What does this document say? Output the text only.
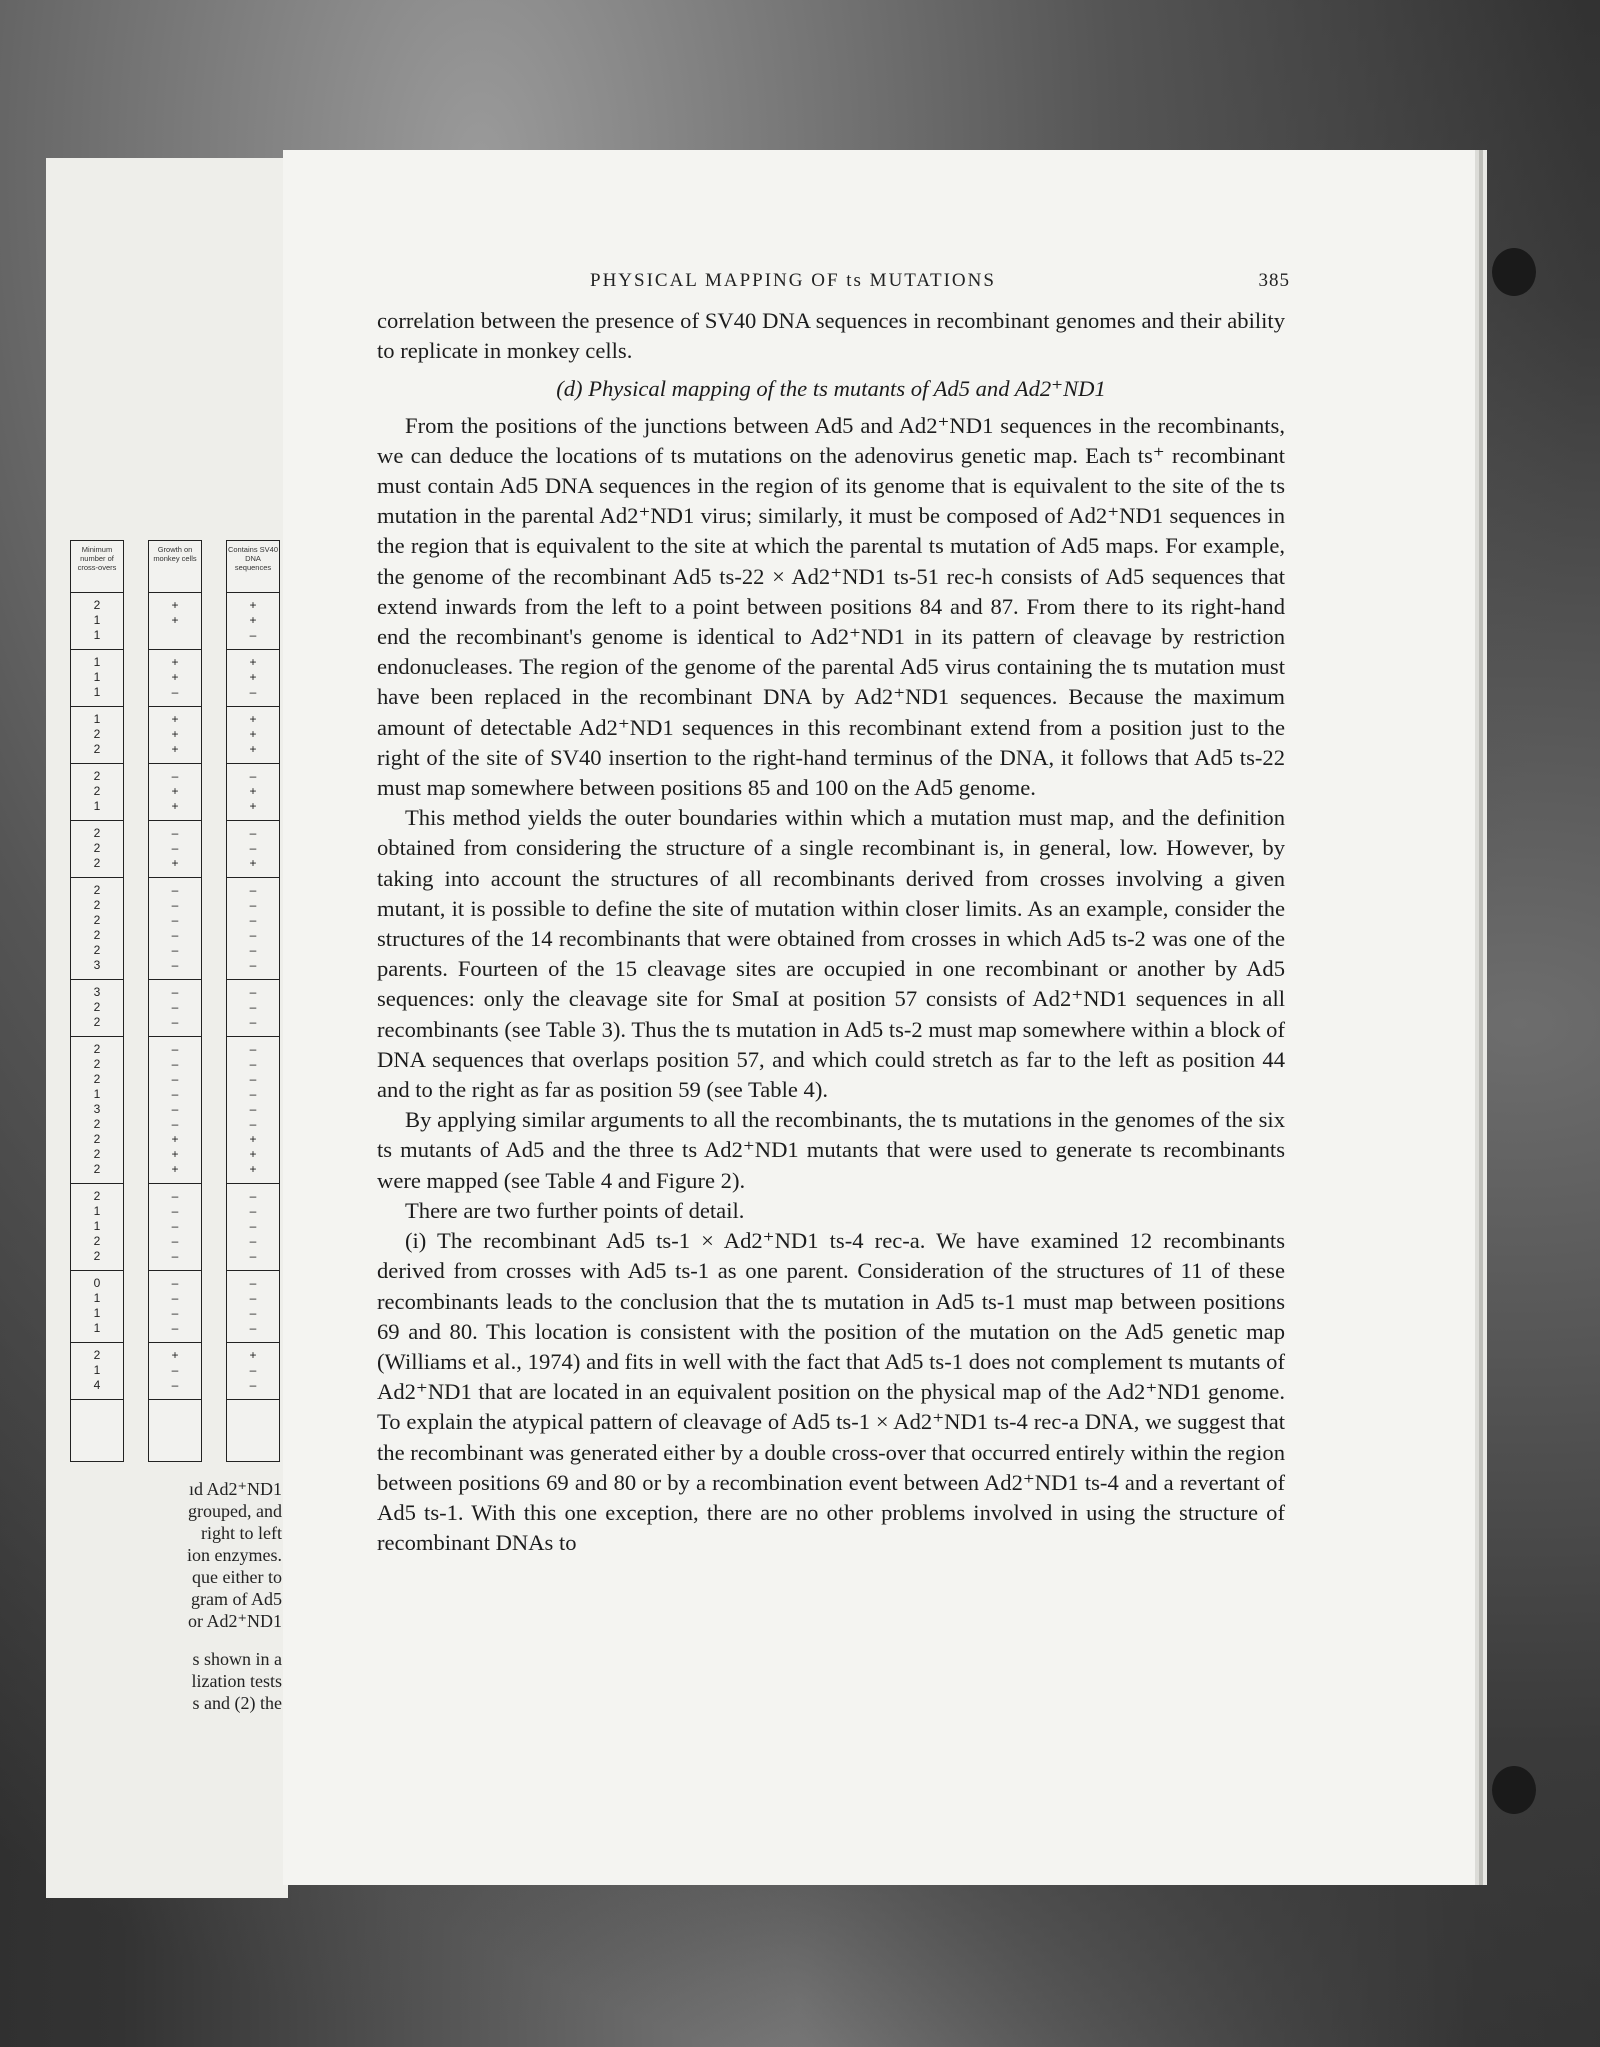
PHYSICAL MAPPING OF ts MUTATIONS	385

correlation between the presence of SV40 DNA sequences in recombinant genomes and their ability to replicate in monkey cells.

(d) Physical mapping of the ts mutants of Ad5 and Ad2⁺ND1

From the positions of the junctions between Ad5 and Ad2⁺ND1 sequences in the recombinants, we can deduce the locations of ts mutations on the adenovirus genetic map. Each ts⁺ recombinant must contain Ad5 DNA sequences in the region of its genome that is equivalent to the site of the ts mutation in the parental Ad2⁺ND1 virus; similarly, it must be composed of Ad2⁺ND1 sequences in the region that is equivalent to the site at which the parental ts mutation of Ad5 maps. For example, the genome of the recombinant Ad5 ts-22 × Ad2⁺ND1 ts-51 rec-h consists of Ad5 sequences that extend inwards from the left to a point between positions 84 and 87. From there to its right-hand end the recombinant's genome is identical to Ad2⁺ND1 in its pattern of cleavage by restriction endonucleases. The region of the genome of the parental Ad5 virus containing the ts mutation must have been replaced in the recombinant DNA by Ad2⁺ND1 sequences. Because the maximum amount of detectable Ad2⁺ND1 sequences in this recombinant extend from a position just to the right of the site of SV40 insertion to the right-hand terminus of the DNA, it follows that Ad5 ts-22 must map somewhere between positions 85 and 100 on the Ad5 genome.

This method yields the outer boundaries within which a mutation must map, and the definition obtained from considering the structure of a single recombinant is, in general, low. However, by taking into account the structures of all recombinants derived from crosses involving a given mutant, it is possible to define the site of mutation within closer limits. As an example, consider the structures of the 14 recombinants that were obtained from crosses in which Ad5 ts-2 was one of the parents. Fourteen of the 15 cleavage sites are occupied in one recombinant or another by Ad5 sequences: only the cleavage site for SmaI at position 57 consists of Ad2⁺ND1 sequences in all recombinants (see Table 3). Thus the ts mutation in Ad5 ts-2 must map somewhere within a block of DNA sequences that overlaps position 57, and which could stretch as far to the left as position 44 and to the right as far as position 59 (see Table 4).

By applying similar arguments to all the recombinants, the ts mutations in the genomes of the six ts mutants of Ad5 and the three ts Ad2⁺ND1 mutants that were used to generate ts recombinants were mapped (see Table 4 and Figure 2).

There are two further points of detail.

(i) The recombinant Ad5 ts-1 × Ad2⁺ND1 ts-4 rec-a. We have examined 12 recombinants derived from crosses with Ad5 ts-1 as one parent. Consideration of the structures of 11 of these recombinants leads to the conclusion that the ts mutation in Ad5 ts-1 must map between positions 69 and 80. This location is consistent with the position of the mutation on the Ad5 genetic map (Williams et al., 1974) and fits in well with the fact that Ad5 ts-1 does not complement ts mutants of Ad2⁺ND1 that are located in an equivalent position on the physical map of the Ad2⁺ND1 genome. To explain the atypical pattern of cleavage of Ad5 ts-1 × Ad2⁺ND1 ts-4 rec-a DNA, we suggest that the recombinant was generated either by a double cross-over that occurred entirely within the region between positions 69 and 80 or by a recombination event between Ad2⁺ND1 ts-4 and a revertant of Ad5 ts-1. With this one exception, there are no other problems involved in using the structure of recombinant DNAs to

Minimum number of cross-overs
2
1
1
1
1
1
1
2
2
2
2
1
2
2
2
2
2
2
2
2
3
3
2
2
2
2
2
1
3
2
2
2
2
2
1
1
2
2
0
1
1
1
2
1
4
Growth on monkey cells
+
+

+
+
–
+
+
+
–
+
+
–
–
+
–
–
–
–
–
–
–
–
–
–
–
–
–
–
–
+
+
+
–
–
–
–
–
–
–
–
–
+
–
–
Contains SV40 DNA sequences
+
+
–
+
+
–
+
+
+
–
+
+
–
–
+
–
–
–
–
–
–
–
–
–
–
–
–
–
–
–
+
+
+
–
–
–
–
–
–
–
–
–
+
–
–
ıd Ad2⁺ND1
grouped, and
right to left
ion enzymes.
que either to
gram of Ad5
or Ad2⁺ND1
s shown in a
lization tests
s and (2) the
